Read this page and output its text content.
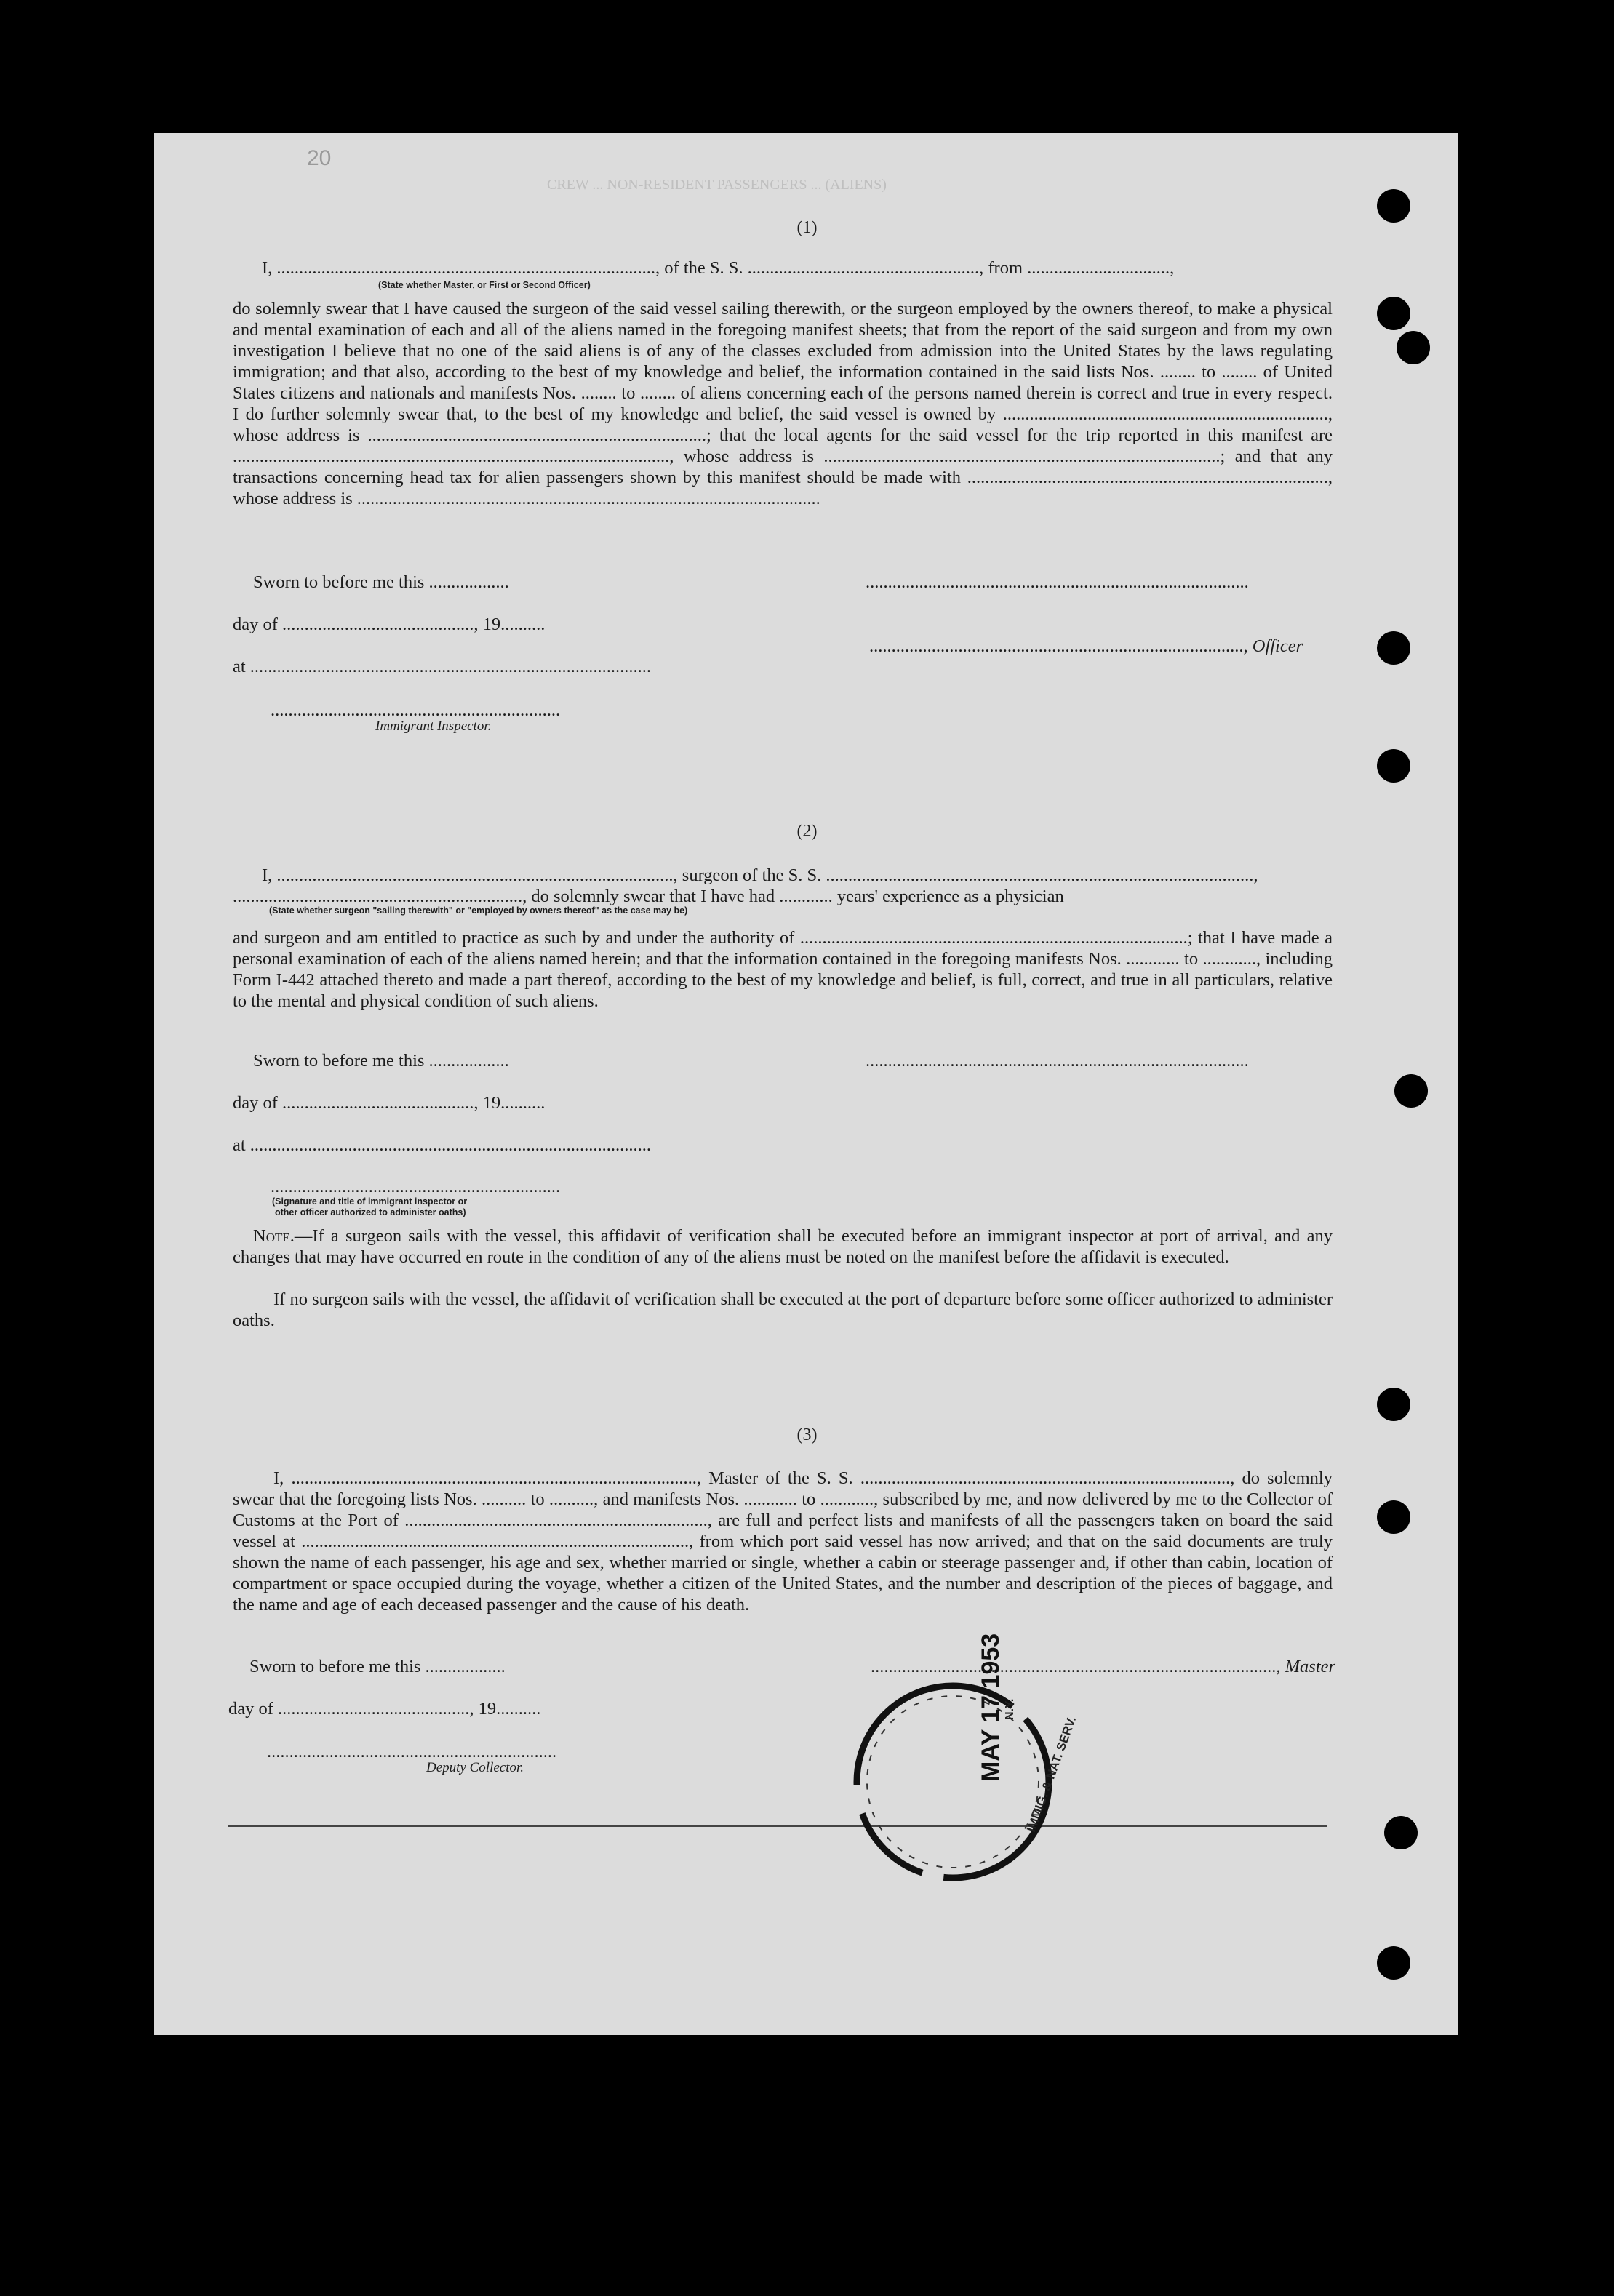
20
CREW ... NON-RESIDENT PASSENGERS ... (ALIENS)
(1)
I, ....................................................................................., of the S. S. ...................................................., from ................................,
(State whether Master, or First or Second Officer)
do solemnly swear that I have caused the surgeon of the said vessel sailing therewith, or the surgeon employed by the owners thereof, to make a physical and mental examination of each and all of the aliens named in the foregoing manifest sheets; that from the report of the said surgeon and from my own investigation I believe that no one of the said aliens is of any of the classes excluded from admission into the United States by the laws regulating immigration; and that also, according to the best of my knowledge and belief, the information contained in the said lists Nos. ........ to ........ of United States citizens and nationals and manifests Nos. ........ to ........ of aliens concerning each of the persons named therein is correct and true in every respect. I do further solemnly swear that, to the best of my knowledge and belief, the said vessel is owned by ........................................................................., whose address is ............................................................................; that the local agents for the said vessel for the trip reported in this manifest are .................................................................................................., whose address is .........................................................................................; and that any transactions concerning head tax for alien passengers shown by this manifest should be made with ................................................................................., whose address is ........................................................................................................
Sworn to before me this ..................	......................................................................................
day of ..........................................., 19..........
...................................................................................., Officer
at ..........................................................................................
.................................................................
Immigrant Inspector.
(2)
I, ........................................................................................., surgeon of the S. S. ................................................................................................,
................................................................., do solemnly swear that I have had ............ years' experience as a physician
(State whether surgeon "sailing therewith" or "employed by owners thereof" as the case may be)
and surgeon and am entitled to practice as such by and under the authority of .......................................................................................; that I have made a personal examination of each of the aliens named herein; and that the information contained in the foregoing manifests Nos. ............ to ............, including Form I-442 attached thereto and made a part thereof, according to the best of my knowledge and belief, is full, correct, and true in all particulars, relative to the mental and physical condition of such aliens.
Sworn to before me this ..................	......................................................................................
day of ..........................................., 19..........
at ..........................................................................................
.................................................................
(Signature and title of immigrant inspector or
other officer authorized to administer oaths)
Note.—If a surgeon sails with the vessel, this affidavit of verification shall be executed before an immigrant inspector at port of arrival, and any changes that may have occurred en route in the condition of any of the aliens must be noted on the manifest before the affidavit is executed.
If no surgeon sails with the vessel, the affidavit of verification shall be executed at the port of departure before some officer authorized to administer oaths.
(3)
I, ..........................................................................................., Master of the S. S. ..................................................................................., do solemnly swear that the foregoing lists Nos. .......... to .........., and manifests Nos. ............ to ............, subscribed by me, and now delivered by me to the Collector of Customs at the Port of ...................................................................., are full and perfect lists and manifests of all the passengers taken on board the said vessel at ......................................................................................., from which port said vessel has now arrived; and that on the said documents are truly shown the name of each passenger, his age and sex, whether married or single, whether a cabin or steerage passenger and, if other than cabin, location of compartment or space occupied during the voyage, whether a citizen of the United States, and the number and description of the pieces of baggage, and the name and age of each deceased passenger and the cause of his death.
Sworn to before me this ..................	..........................................................................................., Master
day of ..........................................., 19..........
.................................................................
Deputy Collector.	MAY 17 1953 N.Y.
IMMIG. & NAT. SERV.
